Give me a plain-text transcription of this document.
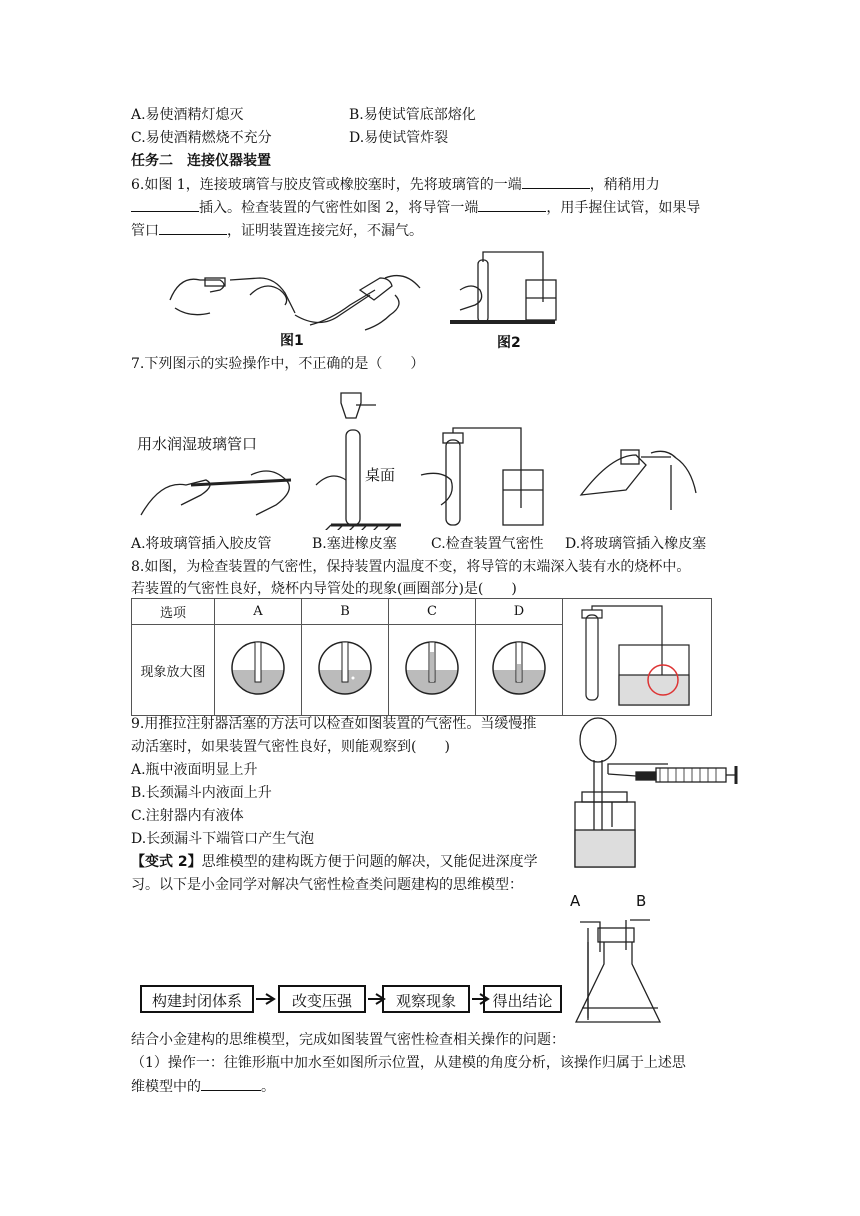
A.易使酒精灯熄灭	B.易使试管底部熔化
C.易使酒精燃烧不充分	D.易使试管炸裂
任务二　连接仪器装置
6.如图 1，连接玻璃管与胶皮管或橡胶塞时，先将玻璃管的一端	，稍稍用力
插入。检查装置的气密性如图 2，将导管一端	，用手握住试管，如果导
管口	，证明装置连接完好，不漏气。
图1	图2
7.下列图示的实验操作中，不正确的是（　　）
用水润湿玻璃管口
桌面
A.将玻璃管插入胶皮管	B.塞进橡皮塞 C.检查装置气密性 D.将玻璃管插入橡皮塞
8.如图，为检查装置的气密性，保持装置内温度不变，将导管的末端深入装有水的烧杯中。
若装置的气密性良好，烧杯内导管处的现象(画圈部分)是(　　)
选项	A	B	C	D	
现象放大图				
9.用推拉注射器活塞的方法可以检查如图装置的气密性。当缓慢推
动活塞时，如果装置气密性良好，则能观察到(　　)
A.瓶中液面明显上升
B.长颈漏斗内液面上升
C.注射器内有液体
D.长颈漏斗下端管口产生气泡
【变式 2】思维模型的建构既方便于问题的解决，又能促进深度学
习。以下是小金同学对解决气密性检查类问题建构的思维模型：
A	B
构建封闭体系	改变压强	观察现象	得出结论
结合小金建构的思维模型，完成如图装置气密性检查相关操作的问题：
（1）操作一：往锥形瓶中加水至如图所示位置，从建模的角度分析，该操作归属于上述思
维模型中的	。
